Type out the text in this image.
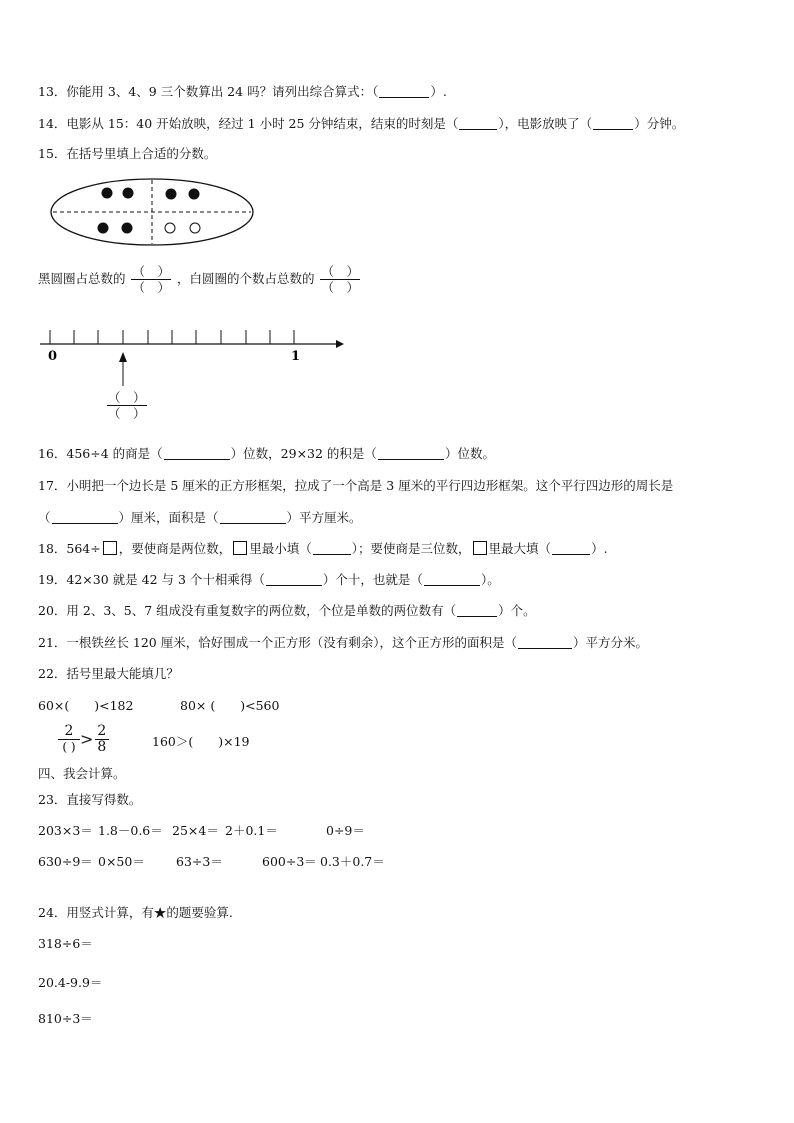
13．你能用 3、4、9 三个数算出 24 吗？请列出综合算式：（	）.
14．电影从 15：40 开始放映，经过 1 小时 25 分钟结束，结束的时刻是（	），电影放映了（	）分钟。
15．在括号里填上合适的分数。
黑圆圈占总数的 $\frac{( )}{( )}$ ，白圆圈的个数占总数的 $\frac{( )}{( )}$
0	1
$\frac{( )}{( )}$
16．456÷4 的商是（	）位数，29×32 的积是（	）位数。
17．小明把一个边长是 5 厘米的正方形框架，拉成了一个高是 3 厘米的平行四边形框架。这个平行四边形的周长是
（	）厘米，面积是（	）平方厘米。
18．564÷ ，要使商是两位数， 里最小填（	）；要使商是三位数， 里最大填（	）.
19．42×30 就是 42 与 3 个十相乘得（	）个十，也就是（	）。
20．用 2、3、5、7 组成没有重复数字的两位数，个位是单数的两位数有（	）个。
21．一根铁丝长 120 厘米，恰好围成一个正方形（没有剩余），这个正方形的面积是（	）平方分米。
22．括号里最大能填几？
60×(　　)<182	80× (　　)<560
$\frac{2}{( )} > \frac{2}{8}$	160＞(　　)×19
四、我会计算。
23．直接写得数。
203×3＝ 1.8－0.6＝ 25×4＝ 2＋0.1＝	0÷9＝
630÷9＝ 0×50＝ 63÷3＝	600÷3＝ 0.3＋0.7＝
24．用竖式计算，有★的题要验算.
318÷6＝
20.4-9.9＝
810÷3＝
